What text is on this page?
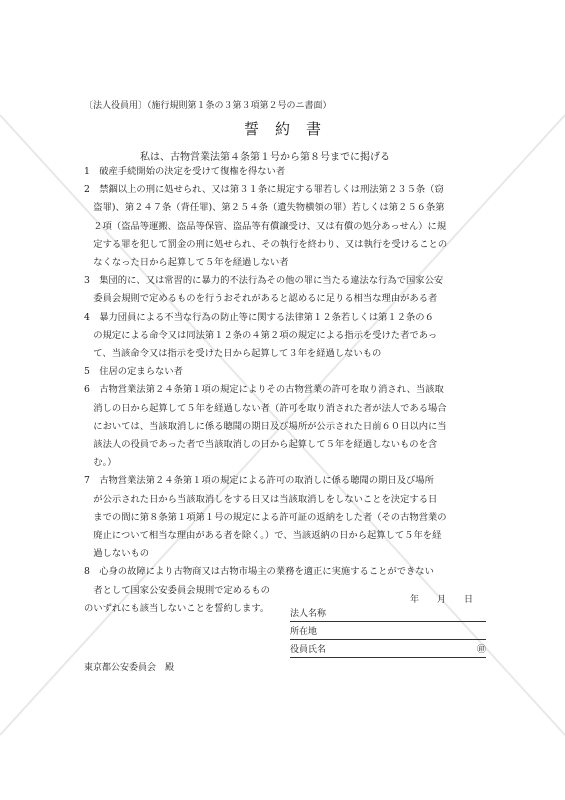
〔法人役員用〕（施行規則第１条の３第３項第２号のニ書面）
誓約書
私は、古物営業法第４条第１号から第８号までに掲げる
1　破産手続開始の決定を受けて復権を得ない者
2　禁錮以上の刑に処せられ、又は第３１条に規定する罪若しくは刑法第２３５条（窃
　盗罪)、第２４７条（背任罪)、第２５４条（遺失物横領の罪）若しくは第２５６条第
　２項（盗品等運搬、盗品等保管、盗品等有償譲受け、又は有償の処分あっせん）に規
　定する罪を犯して罰金の刑に処せられ、その執行を終わり、又は執行を受けることの
　なくなった日から起算して５年を経過しない者
3　集団的に、又は常習的に暴力的不法行為その他の罪に当たる違法な行為で国家公安
　委員会規則で定めるものを行うおそれがあると認めるに足りる相当な理由がある者
4　暴力団員による不当な行為の防止等に関する法律第１２条若しくは第１２条の６
　の規定による命令又は同法第１２条の４第２項の規定による指示を受けた者であっ
　て、当該命令又は指示を受けた日から起算して３年を経過しないもの
5　住居の定まらない者
6　古物営業法第２４条第１項の規定によりその古物営業の許可を取り消され、当該取
　消しの日から起算して５年を経過しない者（許可を取り消された者が法人である場合
　においては、当該取消しに係る聴聞の期日及び場所が公示された日前６０日以内に当
　該法人の役員であった者で当該取消しの日から起算して５年を経過しないものを含
　む。）
7　古物営業法第２４条第１項の規定による許可の取消しに係る聴聞の期日及び場所
　が公示された日から当該取消しをする日又は当該取消しをしないことを決定する日
　までの間に第８条第１項第１号の規定による許可証の返納をした者（その古物営業の
　廃止について相当な理由がある者を除く。）で、当該返納の日から起算して５年を経
　過しないもの
8　心身の故障により古物商又は古物市場主の業務を適正に実施することができない
　者として国家公安委員会規則で定めるもの
のいずれにも該当しないことを誓約します。
年　　月　　日
法人名称
所在地
役員氏名	㊞
東京都公安委員会　殿
